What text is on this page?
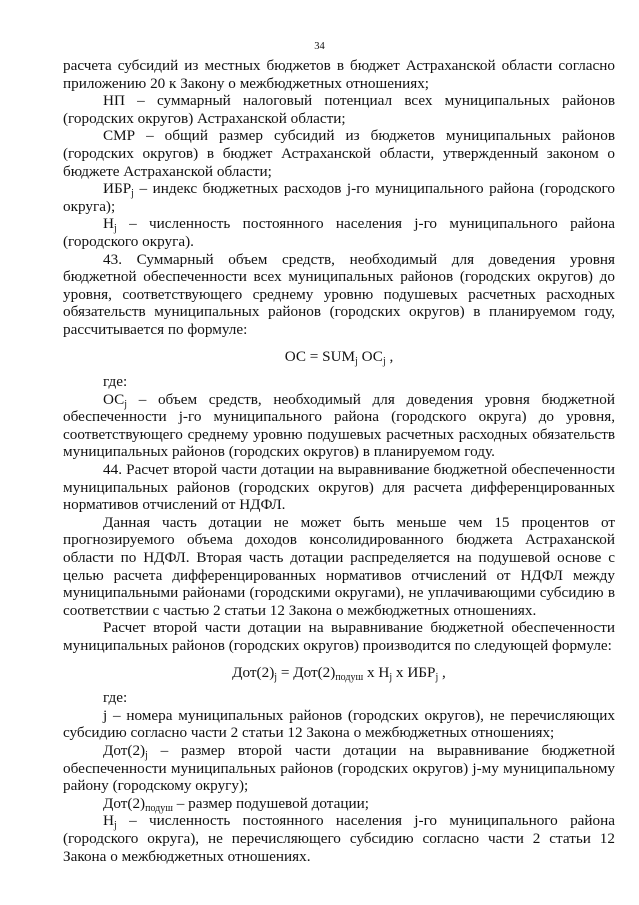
34

расчета субсидий из местных бюджетов в бюджет Астраханской области согласно приложению 20 к Закону о межбюджетных отношениях;

НП – суммарный налоговый потенциал всех муниципальных районов (городских округов) Астраханской области;

СМР – общий размер субсидий из бюджетов муниципальных районов (городских округов) в бюджет Астраханской области, утвержденный законом о бюджете Астраханской области;

$ИБР_j$ – индекс бюджетных расходов j-го муниципального района (городского округа);

$Н_j$ – численность постоянного населения j-го муниципального района (городского округа).

43. Суммарный объем средств, необходимый для доведения уровня бюджетной обеспеченности всех муниципальных районов (городских округов) до уровня, соответствующего среднему уровню подушевых расчетных расходных обязательств муниципальных районов (городских округов) в планируемом году, рассчитывается по формуле:

ОС = $SUM_j$ $ОС_j$ ,

где:

$ОС_j$ – объем средств, необходимый для доведения уровня бюджетной обеспеченности j-го муниципального района (городского округа) до уровня, соответствующего среднему уровню подушевых расчетных расходных обязательств муниципальных районов (городских округов) в планируемом году.

44. Расчет второй части дотации на выравнивание бюджетной обеспеченности муниципальных районов (городских округов) для расчета дифференцированных нормативов отчислений от НДФЛ.

Данная часть дотации не может быть меньше чем 15 процентов от прогнозируемого объема доходов консолидированного бюджета Астраханской области по НДФЛ. Вторая часть дотации распределяется на подушевой основе с целью расчета дифференцированных нормативов отчислений от НДФЛ между муниципальными районами (городскими округами), не уплачивающими субсидию в соответствии с частью 2 статьи 12 Закона о межбюджетных отношениях.

Расчет второй части дотации на выравнивание бюджетной обеспеченности муниципальных районов (городских округов) производится по следующей формуле:

$Дот(2)_j = Дот(2)_{подуш}$ х $Н_j$ х $ИБР_j$ ,

где:

j – номера муниципальных районов (городских округов), не перечисляющих субсидию согласно части 2 статьи 12 Закона о межбюджетных отношениях;

$Дот(2)_j$ – размер второй части дотации на выравнивание бюджетной обеспеченности муниципальных районов (городских округов) j-му муниципальному району (городскому округу);

$Дот(2)_{подуш}$ – размер подушевой дотации;

$Н_j$ – численность постоянного населения j-го муниципального района (городского округа), не перечисляющего субсидию согласно части 2 статьи 12 Закона о межбюджетных отношениях.
